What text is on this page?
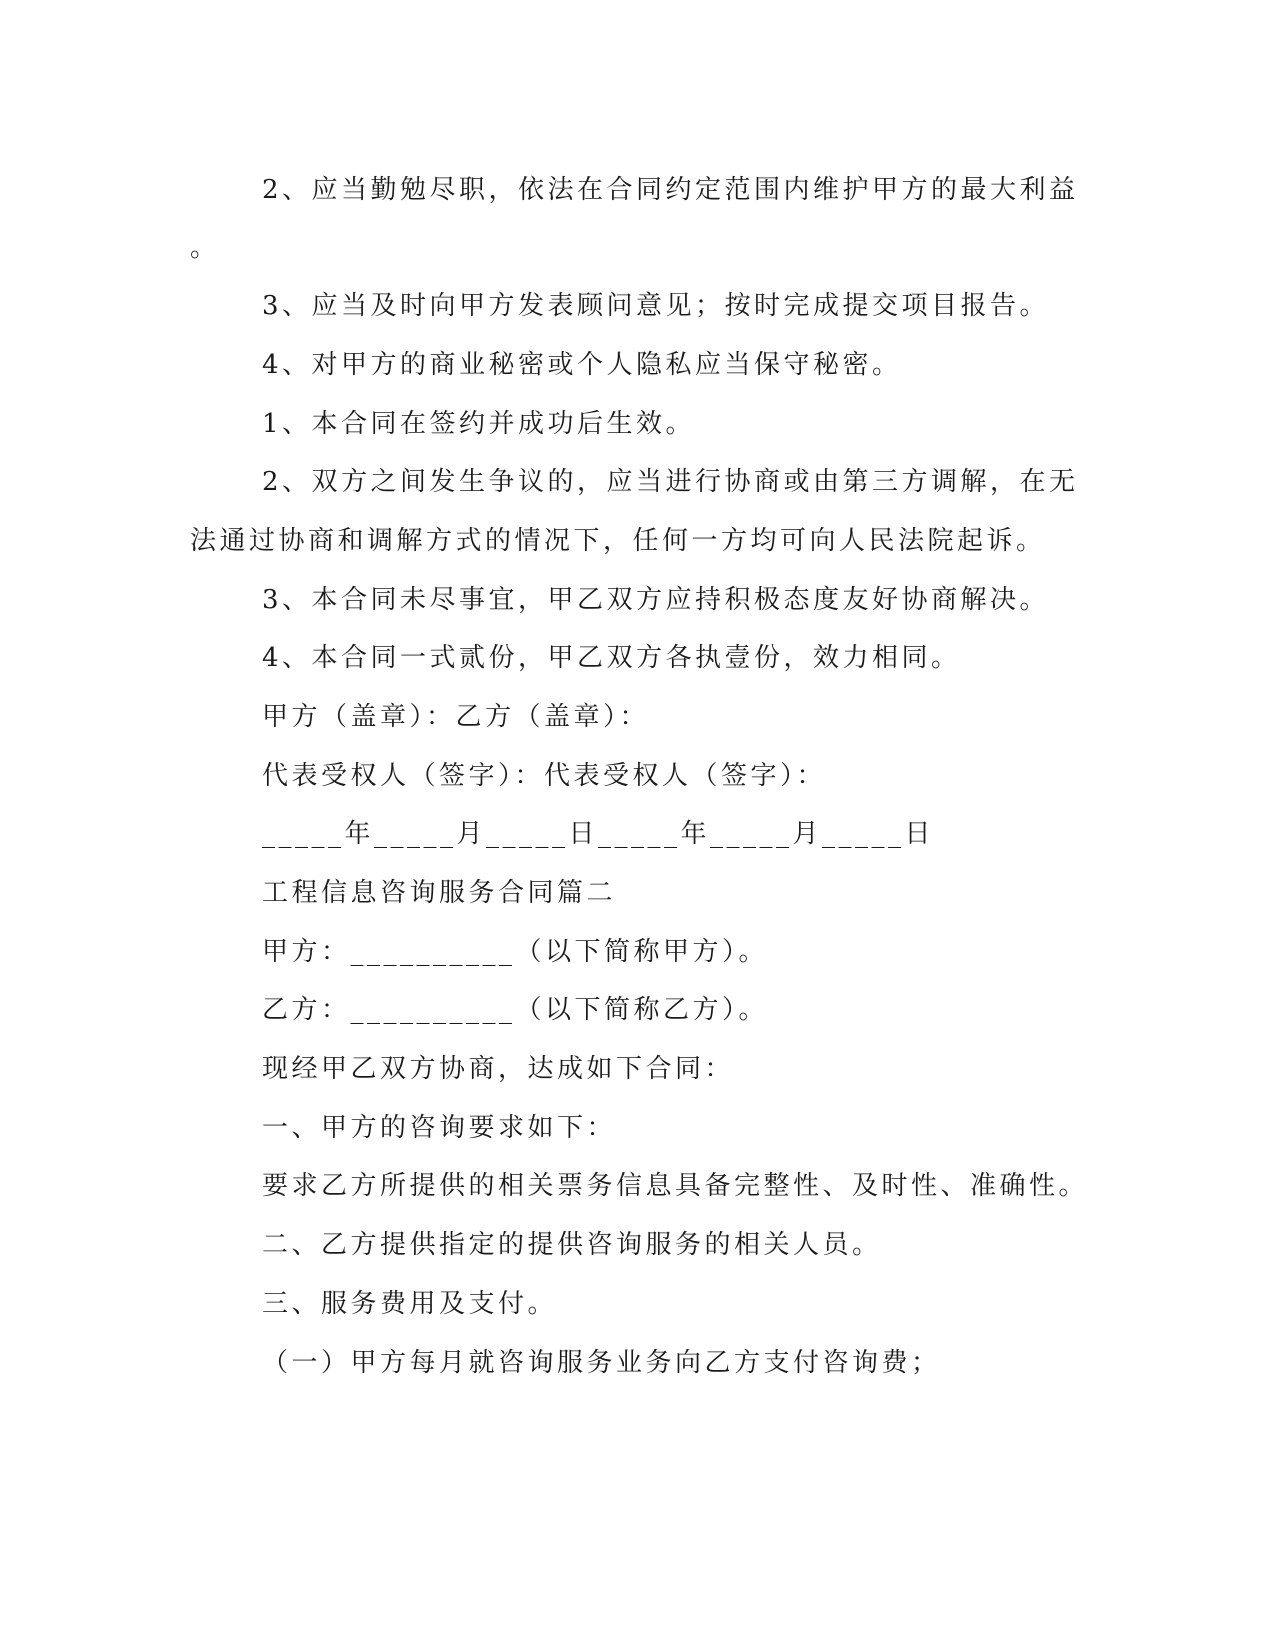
2、应当勤勉尽职，依法在合同约定范围内维护甲方的最大利益
。
3、应当及时向甲方发表顾问意见；按时完成提交项目报告。
4、对甲方的商业秘密或个人隐私应当保守秘密。
1、本合同在签约并成功后生效。
2、双方之间发生争议的，应当进行协商或由第三方调解，在无
法通过协商和调解方式的情况下，任何一方均可向人民法院起诉。
3、本合同未尽事宜，甲乙双方应持积极态度友好协商解决。
4、本合同一式贰份，甲乙双方各执壹份，效力相同。
甲方（盖章）：乙方（盖章）：
代表受权人（签字）：代表受权人（签字）：
_____年_____月_____日_____年_____月_____日
工程信息咨询服务合同篇二
甲方：__________（以下简称甲方）。
乙方：__________（以下简称乙方）。
现经甲乙双方协商，达成如下合同：
一、甲方的咨询要求如下：
要求乙方所提供的相关票务信息具备完整性、及时性、准确性。
二、乙方提供指定的提供咨询服务的相关人员。
三、服务费用及支付。
（一）甲方每月就咨询服务业务向乙方支付咨询费；
